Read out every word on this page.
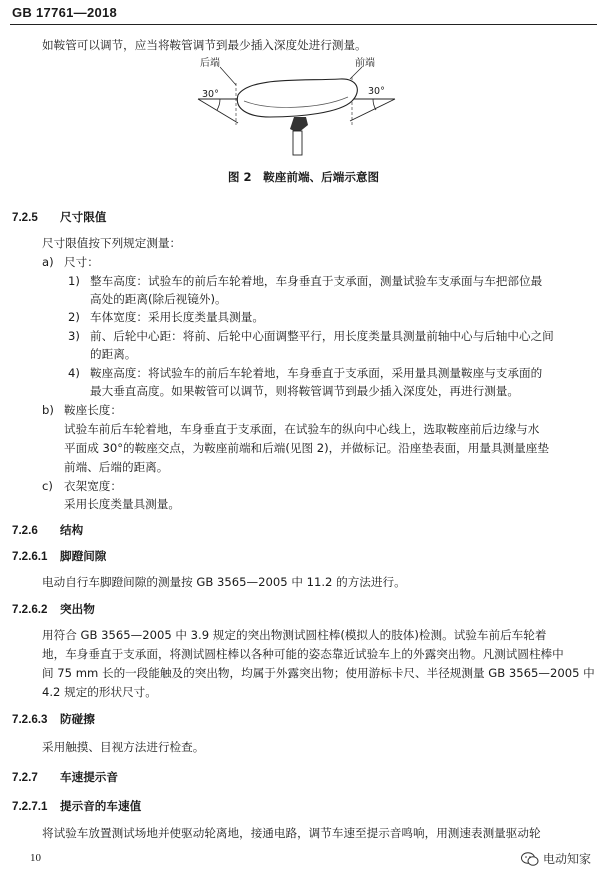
GB 17761—2018
如鞍管可以调节，应当将鞍管调节到最少插入深度处进行测量。
后端	前端
30°	30°
图 2　鞍座前端、后端示意图
7.2.5 尺寸限值
尺寸限值按下列规定测量：
a) 尺寸：
1) 整车高度：试验车的前后车轮着地，车身垂直于支承面，测量试验车支承面与车把部位最
高处的距离(除后视镜外)。
2) 车体宽度：采用长度类量具测量。
3) 前、后轮中心距：将前、后轮中心面调整平行，用长度类量具测量前轴中心与后轴中心之间
的距离。
4) 鞍座高度：将试验车的前后车轮着地，车身垂直于支承面，采用量具测量鞍座与支承面的
最大垂直高度。如果鞍管可以调节，则将鞍管调节到最少插入深度处，再进行测量。
b) 鞍座长度：
试验车前后车轮着地，车身垂直于支承面，在试验车的纵向中心线上，选取鞍座前后边缘与水
平面成 30°的鞍座交点，为鞍座前端和后端(见图 2)，并做标记。沿座垫表面，用量具测量座垫
前端、后端的距离。
c) 衣架宽度：
采用长度类量具测量。
7.2.6 结构
7.2.6.1 脚蹬间隙
电动自行车脚蹬间隙的测量按 GB 3565—2005 中 11.2 的方法进行。
7.2.6.2 突出物
用符合 GB 3565—2005 中 3.9 规定的突出物测试圆柱棒(模拟人的肢体)检测。试验车前后车轮着
地，车身垂直于支承面，将测试圆柱棒以各种可能的姿态靠近试验车上的外露突出物。凡测试圆柱棒中
间 75 mm 长的一段能触及的突出物，均属于外露突出物；使用游标卡尺、半径规测量 GB 3565—2005 中
4.2 规定的形状尺寸。
7.2.6.3 防碰擦
采用触摸、目视方法进行检查。
7.2.7 车速提示音
7.2.7.1 提示音的车速值
将试验车放置测试场地并使驱动轮离地，接通电路，调节车速至提示音鸣响，用测速表测量驱动轮
10	电动知家
